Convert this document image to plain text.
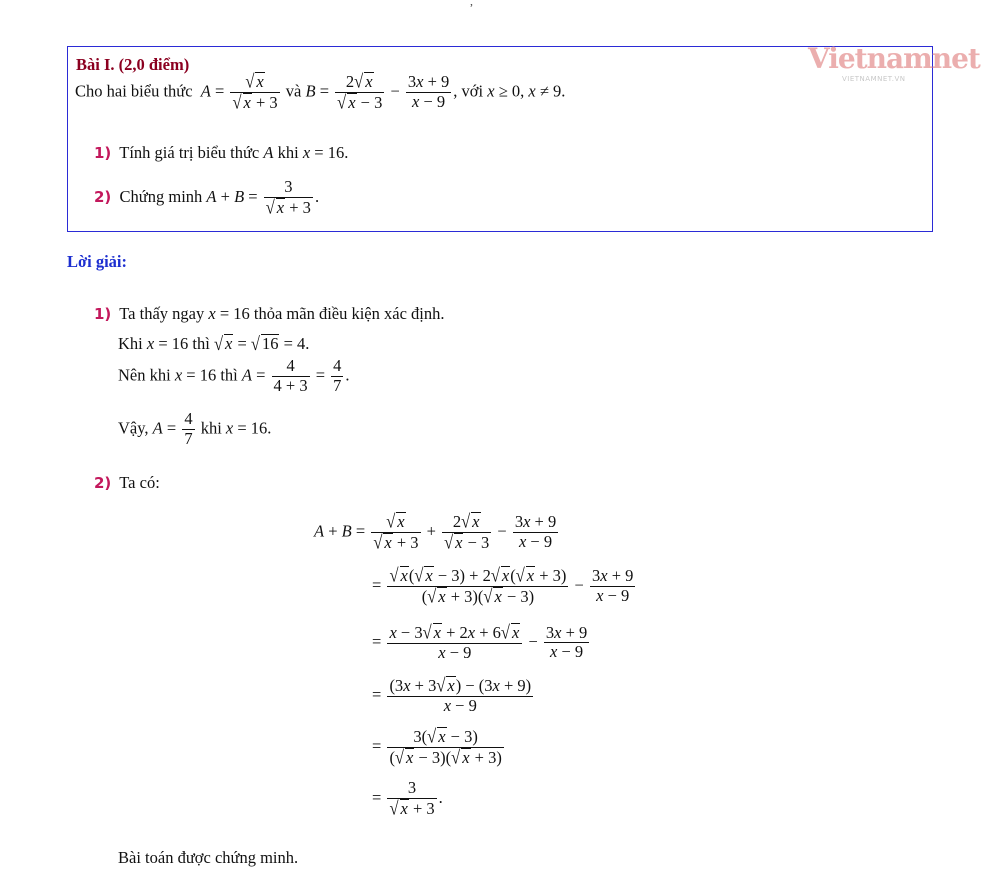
,
Vietnamnet
VIETNAMNET.VN
Bài I. (2,0 điểm)
Cho hai biểu thức  $A = \frac{√ x}{√ x + 3}$ và $B = \frac{2√ x}{√ x - 3} - \frac{3x + 9}{x - 9}$ , với x ≥ 0, x ≠ 9.
1) Tính giá trị biểu thức A khi x = 16.
2) Chứng minh $A + B = \frac{3}{√ x + 3}$ .
Lời giải:
1) Ta thấy ngay x = 16 thỏa mãn điều kiện xác định.
Khi x = 16 thì √ x = √ 16 = 4.
Nên khi x = 16 thì $A = \frac{4}{4 + 3} = \frac{4}{7}$ .
Vậy, $A = \frac{4}{7}$ khi x = 16.
2) Ta có:
$A + B = \frac{√ x}{√ x + 3} + \frac{2√ x}{√ x - 3} - \frac{3x + 9}{x - 9}$
= $\frac{√ x(√ x - 3) + 2√ x(√ x + 3)}{(√ x + 3)(√ x - 3)} - \frac{3x + 9}{x - 9}$
= $\frac{x - 3√ x + 2x + 6√ x}{x - 9} - \frac{3x + 9}{x - 9}$
= $\frac{(3x + 3√ x) - (3x + 9)}{x - 9}$
= $\frac{3(√ x - 3)}{(√ x - 3)(√ x + 3)}$
= $\frac{3}{√ x + 3}$ .
Bài toán được chứng minh.
